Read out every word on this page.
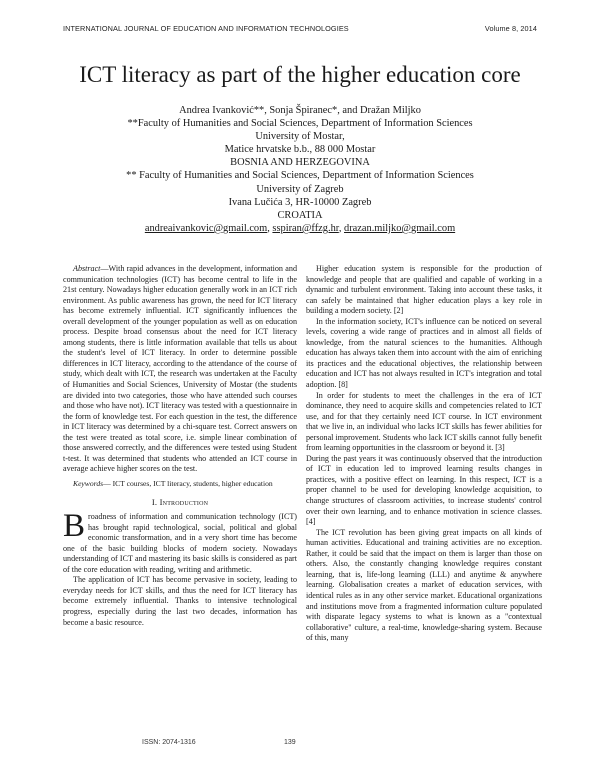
INTERNATIONAL JOURNAL OF EDUCATION AND INFORMATION TECHNOLOGIES	Volume 8, 2014
ICT literacy as part of the higher education core
Andrea Ivanković**, Sonja Špiranec*, and Dražan Miljko
**Faculty of Humanities and Social Sciences, Department of Information Sciences
University of Mostar,
Matice hrvatske b.b., 88 000 Mostar
BOSNIA AND HERZEGOVINA
** Faculty of Humanities and Social Sciences, Department of Information Sciences
University of Zagreb
Ivana Lučića 3, HR-10000 Zagreb
CROATIA
andreaivankovic@gmail.com, sspiran@ffzg.hr, drazan.miljko@gmail.com

Abstract—With rapid advances in the development, information and communication technologies (ICT) has become central to life in the 21st century. Nowadays higher education generally work in an ICT rich environment. As public awareness has grown, the need for ICT literacy has become extremely influential. ICT significantly influences the overall development of the younger population as well as on education process. Despite broad consensus about the need for ICT literacy among students, there is little information available that tells us about the student's level of ICT literacy. In order to determine possible differences in ICT literacy, according to the attendance of the course of study, which dealt with ICT, the research was undertaken at the Faculty of Humanities and Social Sciences, University of Mostar (the students are divided into two categories, those who have attended such courses and those who have not). ICT literacy was tested with a questionnaire in the form of knowledge test. For each question in the test, the difference in ICT literacy was determined by a chi-square test. Correct answers on the test were treated as total score, i.e. simple linear combination of those answered correctly, and the differences were tested using Student t-test. It was determined that students who attended an ICT course in average achieve higher scores on the test.

Keywords— ICT courses, ICT literacy, students, higher education

I. Introduction

Broadness of information and communication technology (ICT) has brought rapid technological, social, political and global economic transformation, and in a very short time has become one of the basic building blocks of modern society. Nowadays understanding of ICT and mastering its basic skills is considered as part of the core education with reading, writing and arithmetic.

The application of ICT has become pervasive in society, leading to everyday needs for ICT skills, and thus the need for ICT literacy has become extremely influential. Thanks to intensive technological progress, especially during the last two decades, information has become a basic resource.

Higher education system is responsible for the production of knowledge and people that are qualified and capable of working in a dynamic and turbulent environment. Taking into account these tasks, it can safely be maintained that higher education plays a key role in building a modern society. [2]

In the information society, ICT's influence can be noticed on several levels, covering a wide range of practices and in almost all fields of knowledge, from the natural sciences to the humanities. Although education has always taken them into account with the aim of enriching its practices and the educational objectives, the relationship between education and ICT has not always resulted in ICT's integration and total adoption. [8]

In order for students to meet the challenges in the era of ICT dominance, they need to acquire skills and competencies related to ICT use, and for that they certainly need ICT course. In ICT environment that we live in, an individual who lacks ICT skills has fewer abilities for personal improvement. Students who lack ICT skills cannot fully benefit from learning opportunities in the classroom or beyond it. [3]

During the past years it was continuously observed that the introduction of ICT in education led to improved learning results changes in practices, with a positive effect on learning. In this respect, ICT is a proper channel to be used for developing knowledge acquisition, to change structures of classroom activities, to increase students' control over their own learning, and to enhance motivation in science classes. [4]

The ICT revolution has been giving great impacts on all kinds of human activities. Educational and training activities are no exception. Rather, it could be said that the impact on them is larger than those on others. Also, the constantly changing knowledge requires constant learning, that is, life-long learning (LLL) and anytime & anywhere learning. Globalisation creates a market of education services, with identical rules as in any other service market. Educational organizations and institutions move from a fragmented information culture populated with disparate legacy systems to what is known as a "contextual collaborative" culture, a real-time, knowledge-sharing system. Because of this, many

ISSN: 2074-1316	139
